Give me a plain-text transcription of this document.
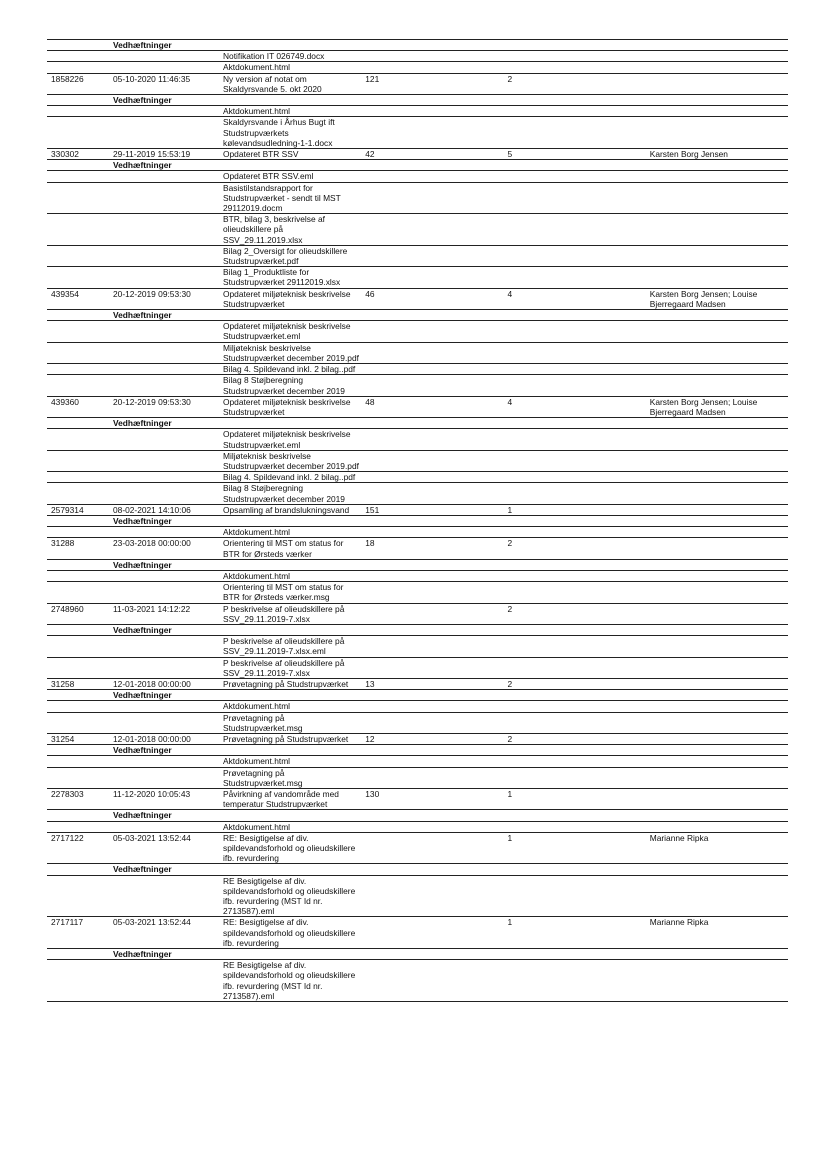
	Vedhæftninger				
		Notifikation IT 026749.docx			
		Aktdokument.html			
1858226	05-10-2020 11:46:35	Ny version af notat om Skaldyrsvande 5. okt 2020	121	2	
	Vedhæftninger				
		Aktdokument.html			
		Skaldyrsvande i Århus Bugt ift Studstrupværkets kølevandsudledning-1-1.docx			
330302	29-11-2019 15:53:19	Opdateret BTR SSV	42	5	Karsten Borg Jensen
	Vedhæftninger				
		Opdateret BTR SSV.eml			
		Basistilstandsrapport for Studstrupværket - sendt til MST 29112019.docm			
		BTR, bilag 3, beskrivelse af olieudskillere på SSV_29.11.2019.xlsx			
		Bilag 2_Oversigt for olieudskillere Studstrupværket.pdf			
		Bilag 1_Produktliste for Studstrupværket 29112019.xlsx			
439354	20-12-2019 09:53:30	Opdateret miljøteknisk beskrivelse Studstrupværket	46	4	Karsten Borg Jensen; Louise Bjerregaard Madsen
	Vedhæftninger				
		Opdateret miljøteknisk beskrivelse Studstrupværket.eml			
		Miljøteknisk beskrivelse Studstrupværket december 2019.pdf			
		Bilag 4. Spildevand inkl. 2 bilag..pdf			
		Bilag 8 Støjberegning Studstrupværket december 2019			
439360	20-12-2019 09:53:30	Opdateret miljøteknisk beskrivelse Studstrupværket	48	4	Karsten Borg Jensen; Louise Bjerregaard Madsen
	Vedhæftninger				
		Opdateret miljøteknisk beskrivelse Studstrupværket.eml			
		Miljøteknisk beskrivelse Studstrupværket december 2019.pdf			
		Bilag 4. Spildevand inkl. 2 bilag..pdf			
		Bilag 8 Støjberegning Studstrupværket december 2019			
2579314	08-02-2021 14:10:06	Opsamling af brandslukningsvand	151	1	
	Vedhæftninger				
		Aktdokument.html			
31288	23-03-2018 00:00:00	Orientering til MST om status for BTR for Ørsteds værker	18	2	
	Vedhæftninger				
		Aktdokument.html			
		Orientering til MST om status for BTR for Ørsteds værker.msg			
2748960	11-03-2021 14:12:22	P beskrivelse af olieudskillere på SSV_29.11.2019-7.xlsx		2	
	Vedhæftninger				
		P beskrivelse af olieudskillere på SSV_29.11.2019-7.xlsx.eml			
		P beskrivelse af olieudskillere på SSV_29.11.2019-7.xlsx			
31258	12-01-2018 00:00:00	Prøvetagning på Studstrupværket	13	2	
	Vedhæftninger				
		Aktdokument.html			
		Prøvetagning på Studstrupværket.msg			
31254	12-01-2018 00:00:00	Prøvetagning på Studstrupværket	12	2	
	Vedhæftninger				
		Aktdokument.html			
		Prøvetagning på Studstrupværket.msg			
2278303	11-12-2020 10:05:43	Påvirkning af vandområde med temperatur Studstrupværket	130	1	
	Vedhæftninger				
		Aktdokument.html			
2717122	05-03-2021 13:52:44	RE: Besigtigelse af div. spildevandsforhold og olieudskillere ifb. revurdering		1	Marianne Ripka
	Vedhæftninger				
		RE Besigtigelse af div. spildevandsforhold og olieudskillere ifb. revurdering (MST Id nr. 2713587).eml			
2717117	05-03-2021 13:52:44	RE: Besigtigelse af div. spildevandsforhold og olieudskillere ifb. revurdering		1	Marianne Ripka
	Vedhæftninger				
		RE Besigtigelse af div. spildevandsforhold og olieudskillere ifb. revurdering (MST Id nr. 2713587).eml			
